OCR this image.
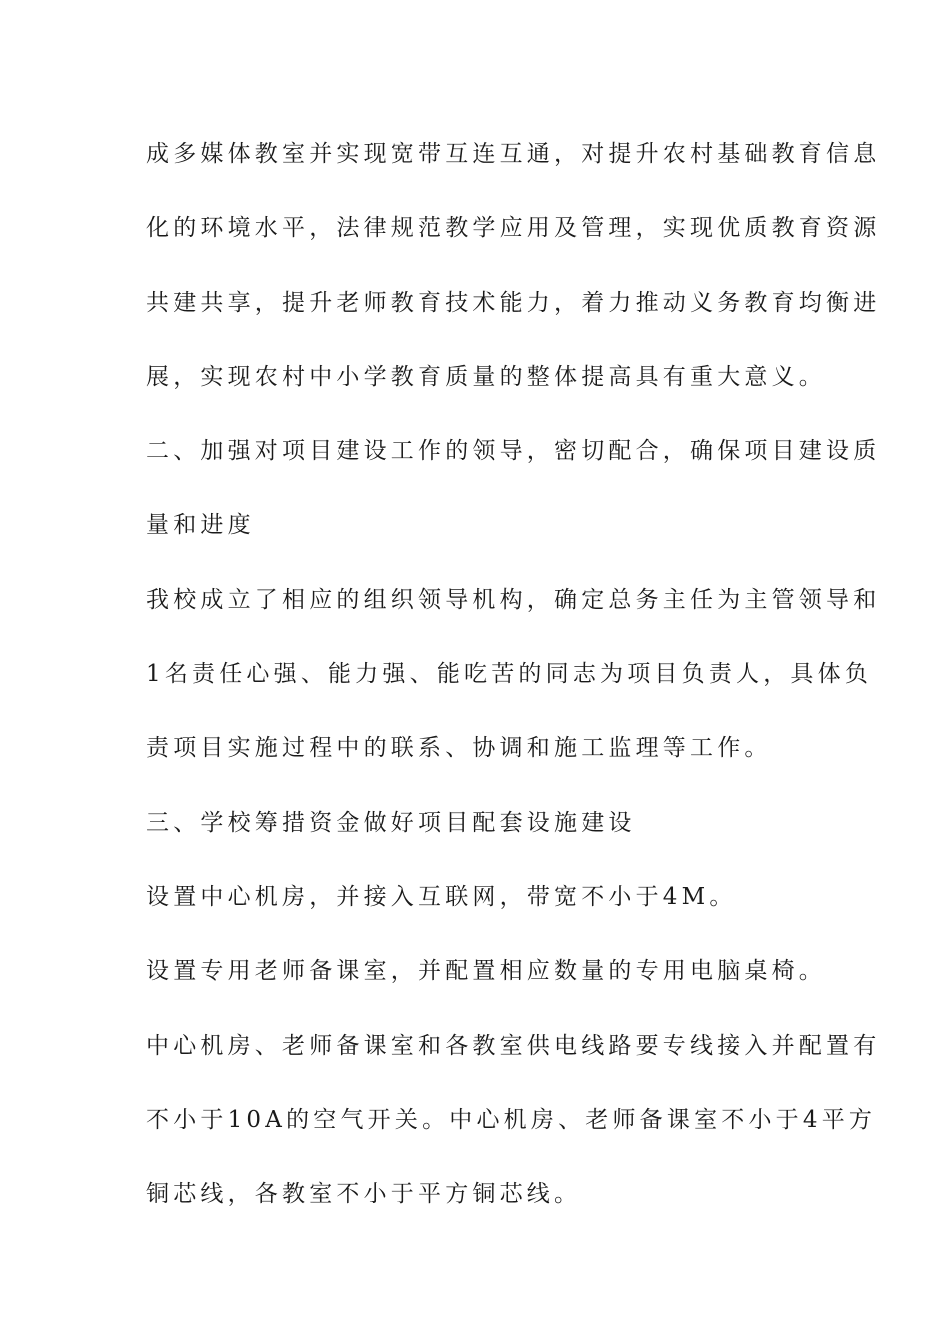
成多媒体教室并实现宽带互连互通，对提升农村基础教育信息
化的环境水平，法律规范教学应用及管理，实现优质教育资源
共建共享，提升老师教育技术能力，着力推动义务教育均衡进
展，实现农村中小学教育质量的整体提高具有重大意义。
二、加强对项目建设工作的领导，密切配合，确保项目建设质
量和进度
我校成立了相应的组织领导机构，确定总务主任为主管领导和
1名责任心强、能力强、能吃苦的同志为项目负责人，具体负
责项目实施过程中的联系、协调和施工监理等工作。
三、学校筹措资金做好项目配套设施建设
设置中心机房，并接入互联网，带宽不小于4M。
设置专用老师备课室，并配置相应数量的专用电脑桌椅。
中心机房、老师备课室和各教室供电线路要专线接入并配置有
不小于10A的空气开关。中心机房、老师备课室不小于4平方
铜芯线，各教室不小于平方铜芯线。
